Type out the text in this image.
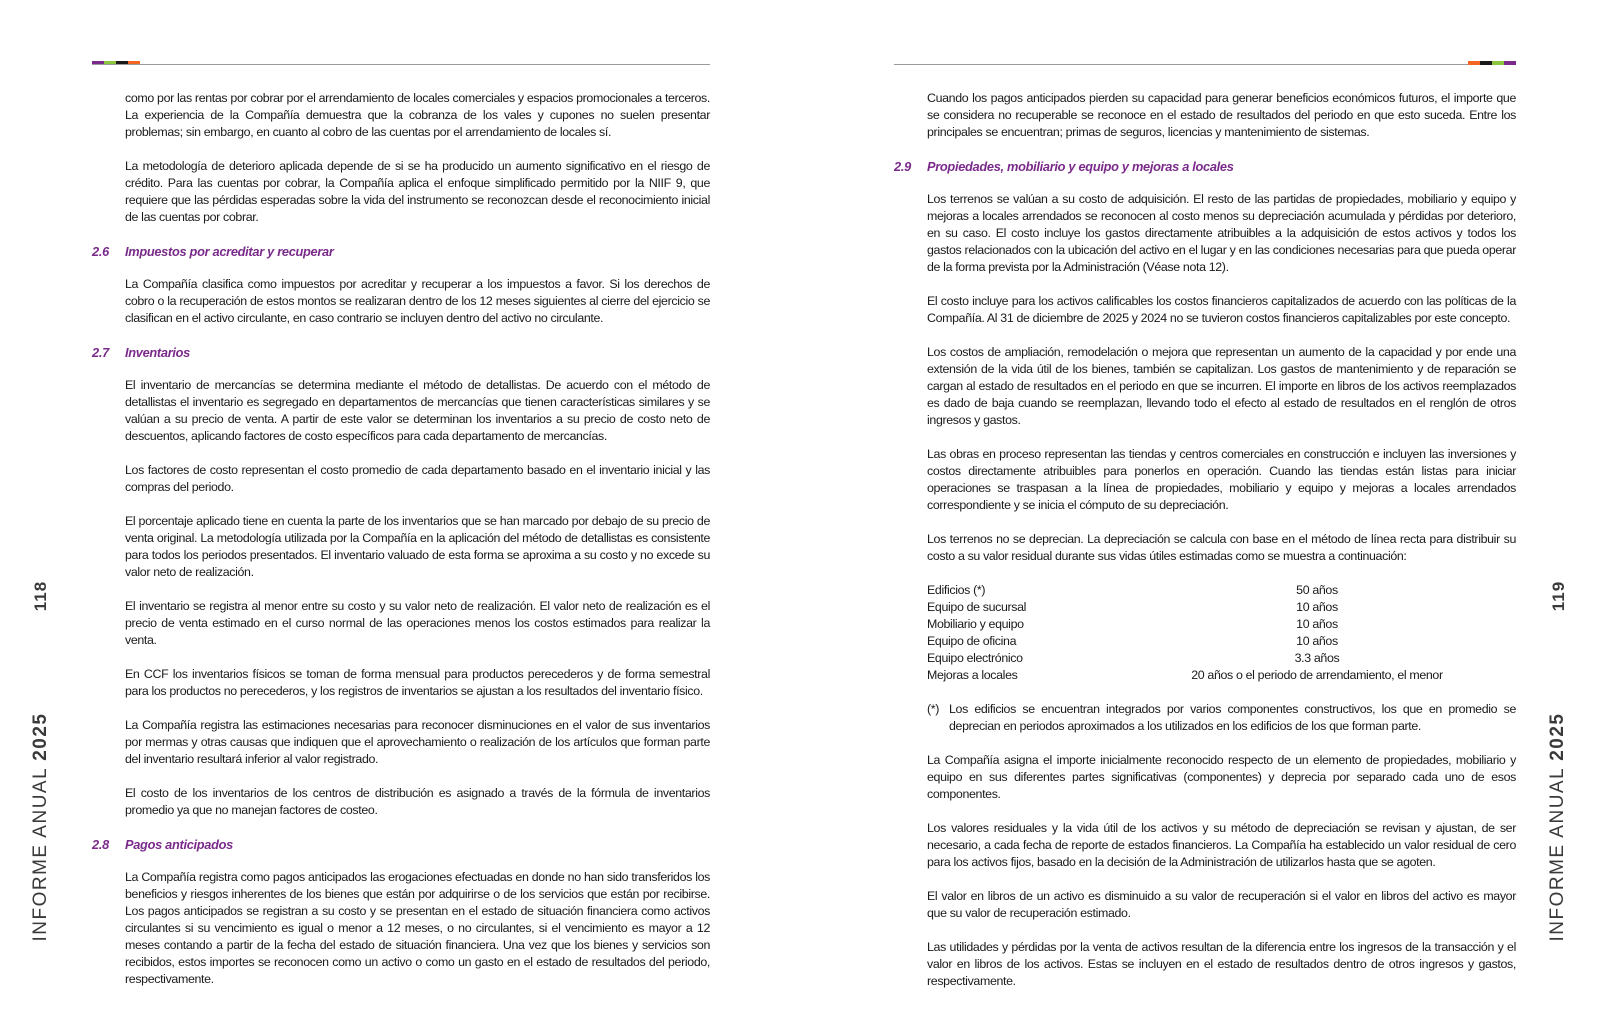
118
INFORME ANUAL 2025
119
INFORME ANUAL 2025

como por las rentas por cobrar por el arrendamiento de locales comerciales y espacios promocionales a terceros. La experiencia de la Compañía demuestra que la cobranza de los vales y cupones no suelen presentar problemas; sin embargo, en cuanto al cobro de las cuentas por el arrendamiento de locales sí.

La metodología de deterioro aplicada depende de si se ha producido un aumento significativo en el riesgo de crédito. Para las cuentas por cobrar, la Compañía aplica el enfoque simplificado permitido por la NIIF 9, que requiere que las pérdidas esperadas sobre la vida del instrumento se reconozcan desde el reconocimiento inicial de las cuentas por cobrar.

2.6	Impuestos por acreditar y recuperar

La Compañía clasifica como impuestos por acreditar y recuperar a los impuestos a favor. Si los derechos de cobro o la recuperación de estos montos se realizaran dentro de los 12 meses siguientes al cierre del ejercicio se clasifican en el activo circulante, en caso contrario se incluyen dentro del activo no circulante.

2.7	Inventarios

El inventario de mercancías se determina mediante el método de detallistas. De acuerdo con el método de detallistas el inventario es segregado en departamentos de mercancías que tienen características similares y se valúan a su precio de venta. A partir de este valor se determinan los inventarios a su precio de costo neto de descuentos, aplicando factores de costo específicos para cada departamento de mercancías.

Los factores de costo representan el costo promedio de cada departamento basado en el inventario inicial y las compras del periodo.

El porcentaje aplicado tiene en cuenta la parte de los inventarios que se han marcado por debajo de su precio de venta original. La metodología utilizada por la Compañía en la aplicación del método de detallistas es consistente para todos los periodos presentados. El inventario valuado de esta forma se aproxima a su costo y no excede su valor neto de realización.

El inventario se registra al menor entre su costo y su valor neto de realización. El valor neto de realización es el precio de venta estimado en el curso normal de las operaciones menos los costos estimados para realizar la venta.

En CCF los inventarios físicos se toman de forma mensual para productos perecederos y de forma semestral para los productos no perecederos, y los registros de inventarios se ajustan a los resultados del inventario físico.

La Compañía registra las estimaciones necesarias para reconocer disminuciones en el valor de sus inventarios por mermas y otras causas que indiquen que el aprovechamiento o realización de los artículos que forman parte del inventario resultará inferior al valor registrado.

El costo de los inventarios de los centros de distribución es asignado a través de la fórmula de inventarios promedio ya que no manejan factores de costeo.

2.8	Pagos anticipados

La Compañía registra como pagos anticipados las erogaciones efectuadas en donde no han sido transferidos los beneficios y riesgos inherentes de los bienes que están por adquirirse o de los servicios que están por recibirse. Los pagos anticipados se registran a su costo y se presentan en el estado de situación financiera como activos circulantes si su vencimiento es igual o menor a 12 meses, o no circulantes, si el vencimiento es mayor a 12 meses contando a partir de la fecha del estado de situación financiera. Una vez que los bienes y servicios son recibidos, estos importes se reconocen como un activo o como un gasto en el estado de resultados del periodo, respectivamente.

Cuando los pagos anticipados pierden su capacidad para generar beneficios económicos futuros, el importe que se considera no recuperable se reconoce en el estado de resultados del periodo en que esto suceda. Entre los principales se encuentran; primas de seguros, licencias y mantenimiento de sistemas.

2.9	Propiedades, mobiliario y equipo y mejoras a locales

Los terrenos se valúan a su costo de adquisición. El resto de las partidas de propiedades, mobiliario y equipo y mejoras a locales arrendados se reconocen al costo menos su depreciación acumulada y pérdidas por deterioro, en su caso. El costo incluye los gastos directamente atribuibles a la adquisición de estos activos y todos los gastos relacionados con la ubicación del activo en el lugar y en las condiciones necesarias para que pueda operar de la forma prevista por la Administración (Véase nota 12).

El costo incluye para los activos calificables los costos financieros capitalizados de acuerdo con las políticas de la Compañía. Al 31 de diciembre de 2025 y 2024 no se tuvieron costos financieros capitalizables por este concepto.

Los costos de ampliación, remodelación o mejora que representan un aumento de la capacidad y por ende una extensión de la vida útil de los bienes, también se capitalizan. Los gastos de mantenimiento y de reparación se cargan al estado de resultados en el periodo en que se incurren. El importe en libros de los activos reemplazados es dado de baja cuando se reemplazan, llevando todo el efecto al estado de resultados en el renglón de otros ingresos y gastos.

Las obras en proceso representan las tiendas y centros comerciales en construcción e incluyen las inversiones y costos directamente atribuibles para ponerlos en operación. Cuando las tiendas están listas para iniciar operaciones se traspasan a la línea de propiedades, mobiliario y equipo y mejoras a locales arrendados correspondiente y se inicia el cómputo de su depreciación.

Los terrenos no se deprecian. La depreciación se calcula con base en el método de línea recta para distribuir su costo a su valor residual durante sus vidas útiles estimadas como se muestra a continuación:

Edificios (*)	50 años
Equipo de sucursal	10 años
Mobiliario y equipo	10 años
Equipo de oficina	10 años
Equipo electrónico	3.3 años
Mejoras a locales	20 años o el periodo de arrendamiento, el menor
(*) Los edificios se encuentran integrados por varios componentes constructivos, los que en promedio se deprecian en periodos aproximados a los utilizados en los edificios de los que forman parte.

La Compañía asigna el importe inicialmente reconocido respecto de un elemento de propiedades, mobiliario y equipo en sus diferentes partes significativas (componentes) y deprecia por separado cada uno de esos componentes.

Los valores residuales y la vida útil de los activos y su método de depreciación se revisan y ajustan, de ser necesario, a cada fecha de reporte de estados financieros. La Compañía ha establecido un valor residual de cero para los activos fijos, basado en la decisión de la Administración de utilizarlos hasta que se agoten.

El valor en libros de un activo es disminuido a su valor de recuperación si el valor en libros del activo es mayor que su valor de recuperación estimado.

Las utilidades y pérdidas por la venta de activos resultan de la diferencia entre los ingresos de la transacción y el valor en libros de los activos. Estas se incluyen en el estado de resultados dentro de otros ingresos y gastos, respectivamente.
